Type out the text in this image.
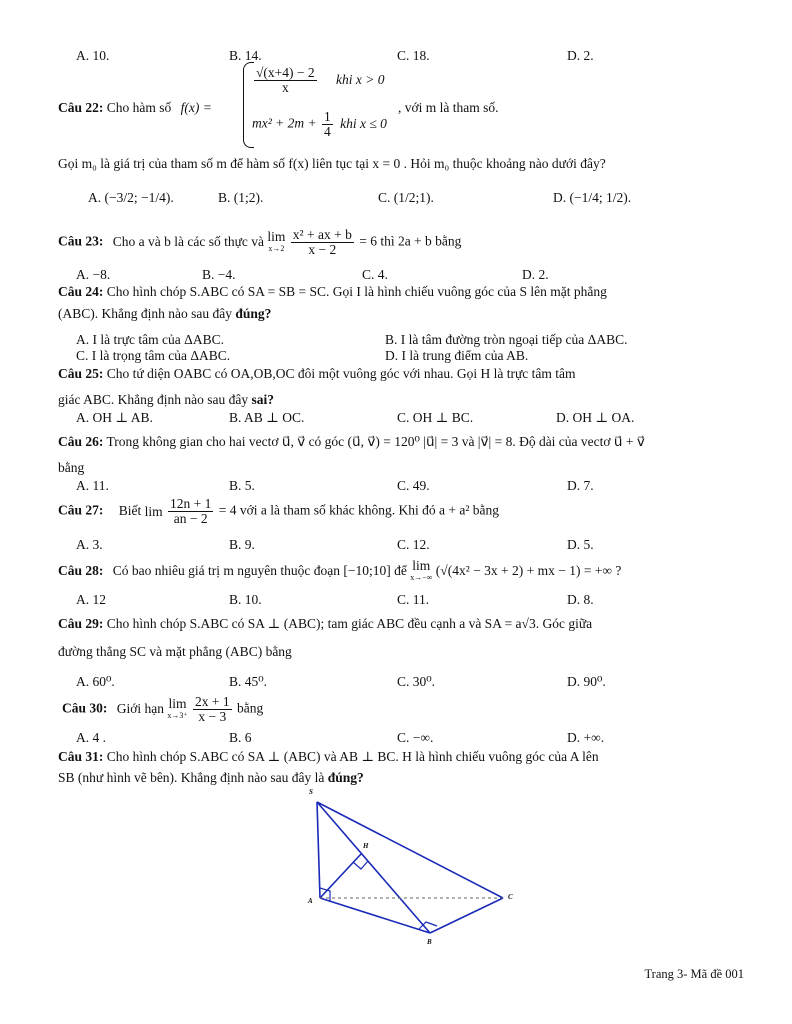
A. 10.	B. 14.	C. 18.	D. 2.
Câu 22: Cho hàm số f(x) =
$\frac{√(x+4) - 2}{x}$ khi x > 0
$mx^2 + 2m + \frac{1}{4}$ khi x ≤ 0
, với m là tham số.
Gọi m₀ là giá trị của tham số m để hàm số f(x) liên tục tại x = 0 . Hỏi m₀ thuộc khoảng nào dưới đây?
A. (−3/2; −1/4).	B. (1;2).	C. (1/2;1).	D. (−1/4; 1/2).
Câu 23: Cho a và b là các số thực và lim
x→2
$\frac{\text{x² + ax + b}}{x - 2} = 6$ thì 2a + b bằng
A. −8.	B. −4.	C. 4.	D. 2.
Câu 24: Cho hình chóp S.ABC có SA = SB = SC. Gọi I là hình chiếu vuông góc của S lên mặt phẳng
(ABC). Khẳng định nào sau đây đúng?
A. I là trực tâm của ΔABC.	B. I là tâm đường tròn ngoại tiếp của ΔABC.
C. I là trọng tâm của ΔABC.	D. I là trung điểm của AB.
Câu 25: Cho tứ diện OABC có OA,OB,OC đôi một vuông góc với nhau. Gọi H là trực tâm tâm
giác ABC. Khẳng định nào sau đây sai?
A. OH ⊥ AB.	B. AB ⊥ OC.	C. OH ⊥ BC.	D. OH ⊥ OA.
Câu 26: Trong không gian cho hai vectơ u⃗, v⃗ có góc (u⃗, v⃗) = 120⁰ |u⃗| = 3 và |v⃗| = 8. Độ dài của vectơ u⃗ + v⃗
bằng
A. 11.	B. 5.	C. 49.	D. 7.
Câu 27: Biết $\lim \frac{12n + 1}{an - 2} = 4$ với a là tham số khác không. Khi đó a + a² bằng
A. 3.	B. 9.	C. 12.	D. 5.
Câu 28: Có bao nhiêu giá trị m nguyên thuộc đoạn [−10;10] để lim
x→−∞ (√(4x² − 3x + 2) + mx − 1) = +∞ ?
A. 12	B. 10.	C. 11.	D. 8.
Câu 29: Cho hình chóp S.ABC có SA ⊥ (ABC); tam giác ABC đều cạnh a và SA = a√3. Góc giữa
đường thẳng SC và mặt phẳng (ABC) bằng
A. 60⁰.	B. 45⁰.	C. 30⁰.	D. 90⁰.
Câu 30: Giới hạn lim
x→3⁺
$\frac{2x + 1}{x - 3}$ bằng
A. 4 .	B. 6	C. −∞.	D. +∞.
Câu 31: Cho hình chóp S.ABC có SA ⊥ (ABC) và AB ⊥ BC. H là hình chiếu vuông góc của A lên
SB (như hình vẽ bên). Khẳng định nào sau đây là đúng?
S
H
A	C
B
Trang 3- Mã đề 001
